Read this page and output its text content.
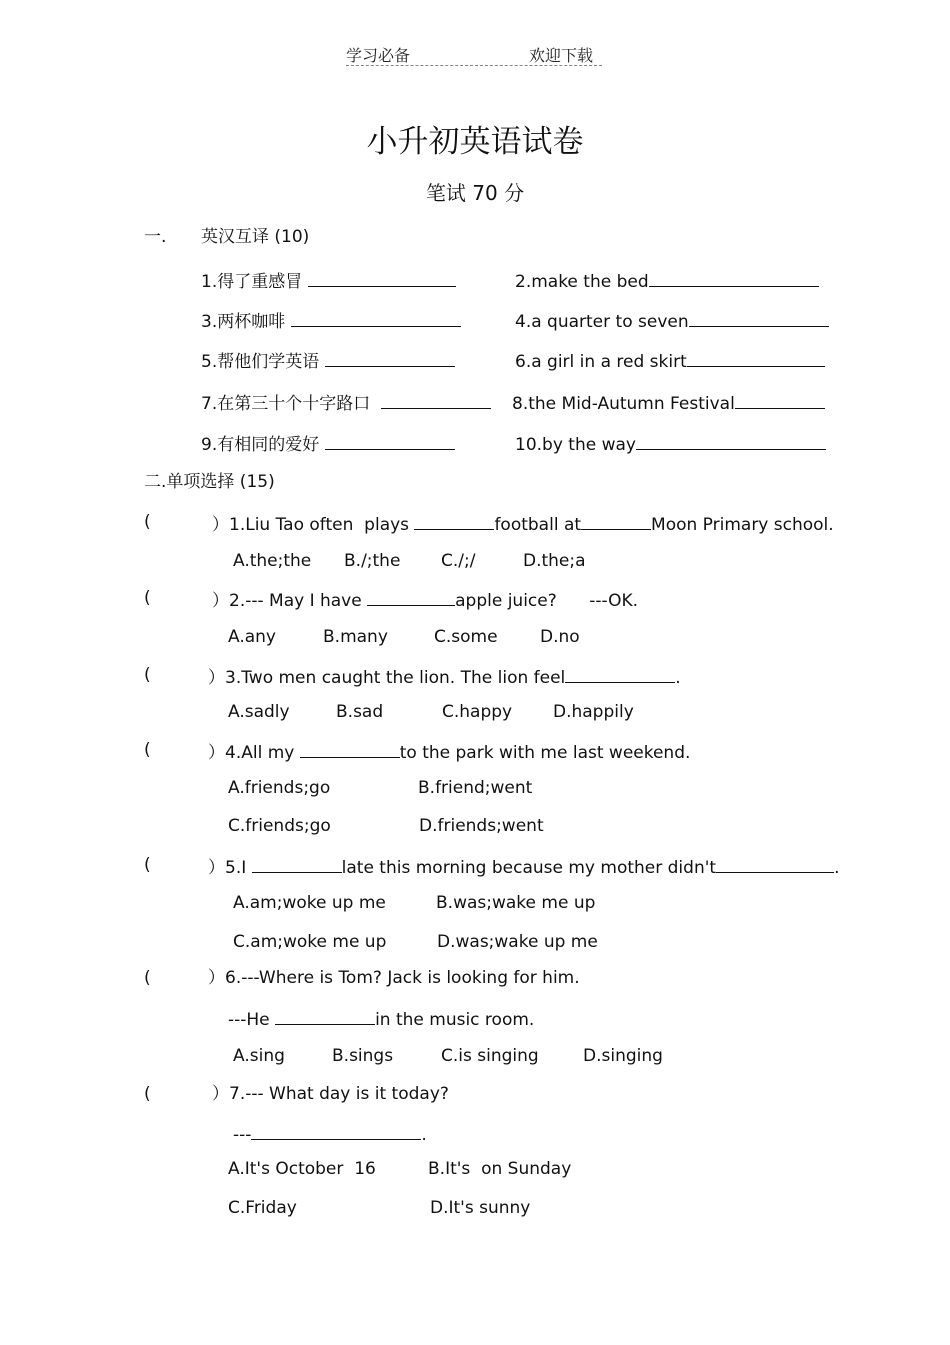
学习必备	欢迎下载
小升初英语试卷
笔试 70 分
一. 英汉互译 (10)
1.得了重感冒	2.make the bed
3.两杯咖啡	4.a quarter to seven
5.帮他们学英语	6.a girl in a red skirt
7.在第三十个十字路口	8.the Mid-Autumn Festival
9.有相同的爱好	10.by the way
二.单项选择 (15)
(	）1.Liu Tao often  plays	football at	Moon Primary school.
A.the;the B./;the C./;/	D.the;a
(	）2.--- May I have	apple juice? ---OK.
A.any	B.many	C.some D.no
(	）3.Two men caught the lion. The lion feel	.
A.sadly	B.sad	C.happy D.happily
(	）4.All my	to the park with me last weekend.
A.friends;go	B.friend;went
C.friends;go	D.friends;went
(	）5.I	late this morning because my mother didn't	.
A.am;woke up me	B.was;wake me up
C.am;woke me up	D.was;wake up me
(	）6.---Where is Tom? Jack is looking for him.
---He	in the music room.
A.sing	B.sings	C.is singing	D.singing
(	）7.--- What day is it today?
---	.
A.It's October  16	B.It's  on Sunday
C.Friday	D.It's sunny
